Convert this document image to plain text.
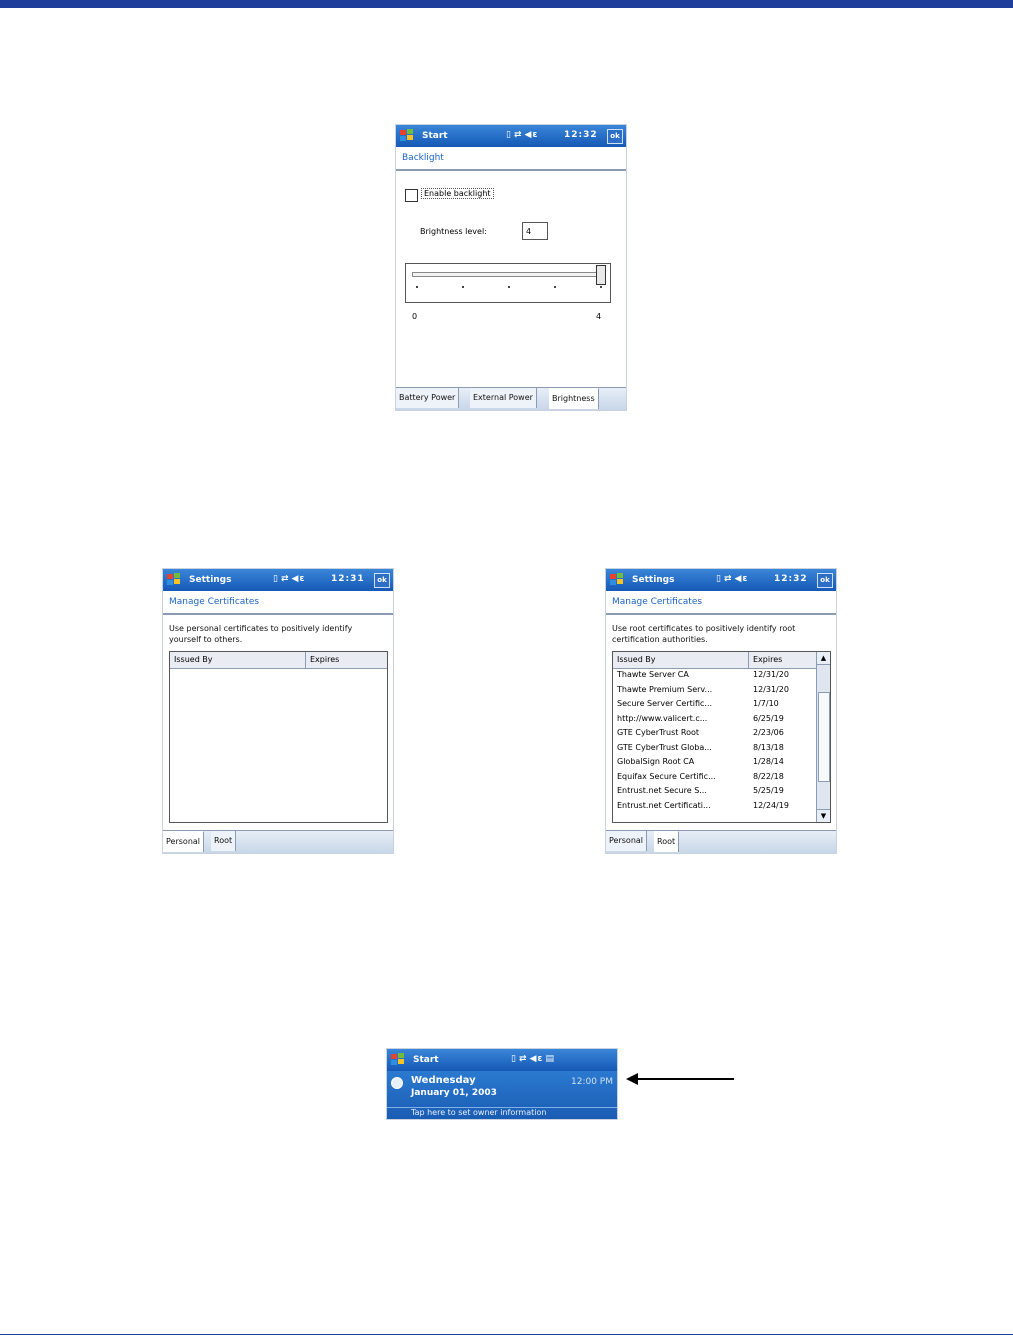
Start	▯ ⇄ ◀ε	12:32	ok
Backlight
Enable backlight
Brightness level:	4
0	4
Battery Power	External Power	Brightness
Settings	▯ ⇄ ◀ε	12:31	ok
Manage Certificates
Use personal certificates to positively identify
yourself to others.
Issued By	Expires
Personal	Root
Settings	▯ ⇄ ◀ε	12:32	ok
Manage Certificates
Use root certificates to positively identify root
certification authorities.
Issued By	Expires
Thawte Server CA	12/31/20
Thawte Premium Serv...	12/31/20
Secure Server Certific...	1/7/10
http://www.valicert.c...	6/25/19
GTE CyberTrust Root	2/23/06
GTE CyberTrust Globa...	8/13/18
GlobalSign Root CA	1/28/14
Equifax Secure Certific...	8/22/18
Entrust.net Secure S...	5/25/19
Entrust.net Certificati...	12/24/19
▲
▼
Personal	Root
Start	▯ ⇄ ◀ε ▤
Wednesday
January 01, 2003
12:00 PM
Tap here to set owner information
